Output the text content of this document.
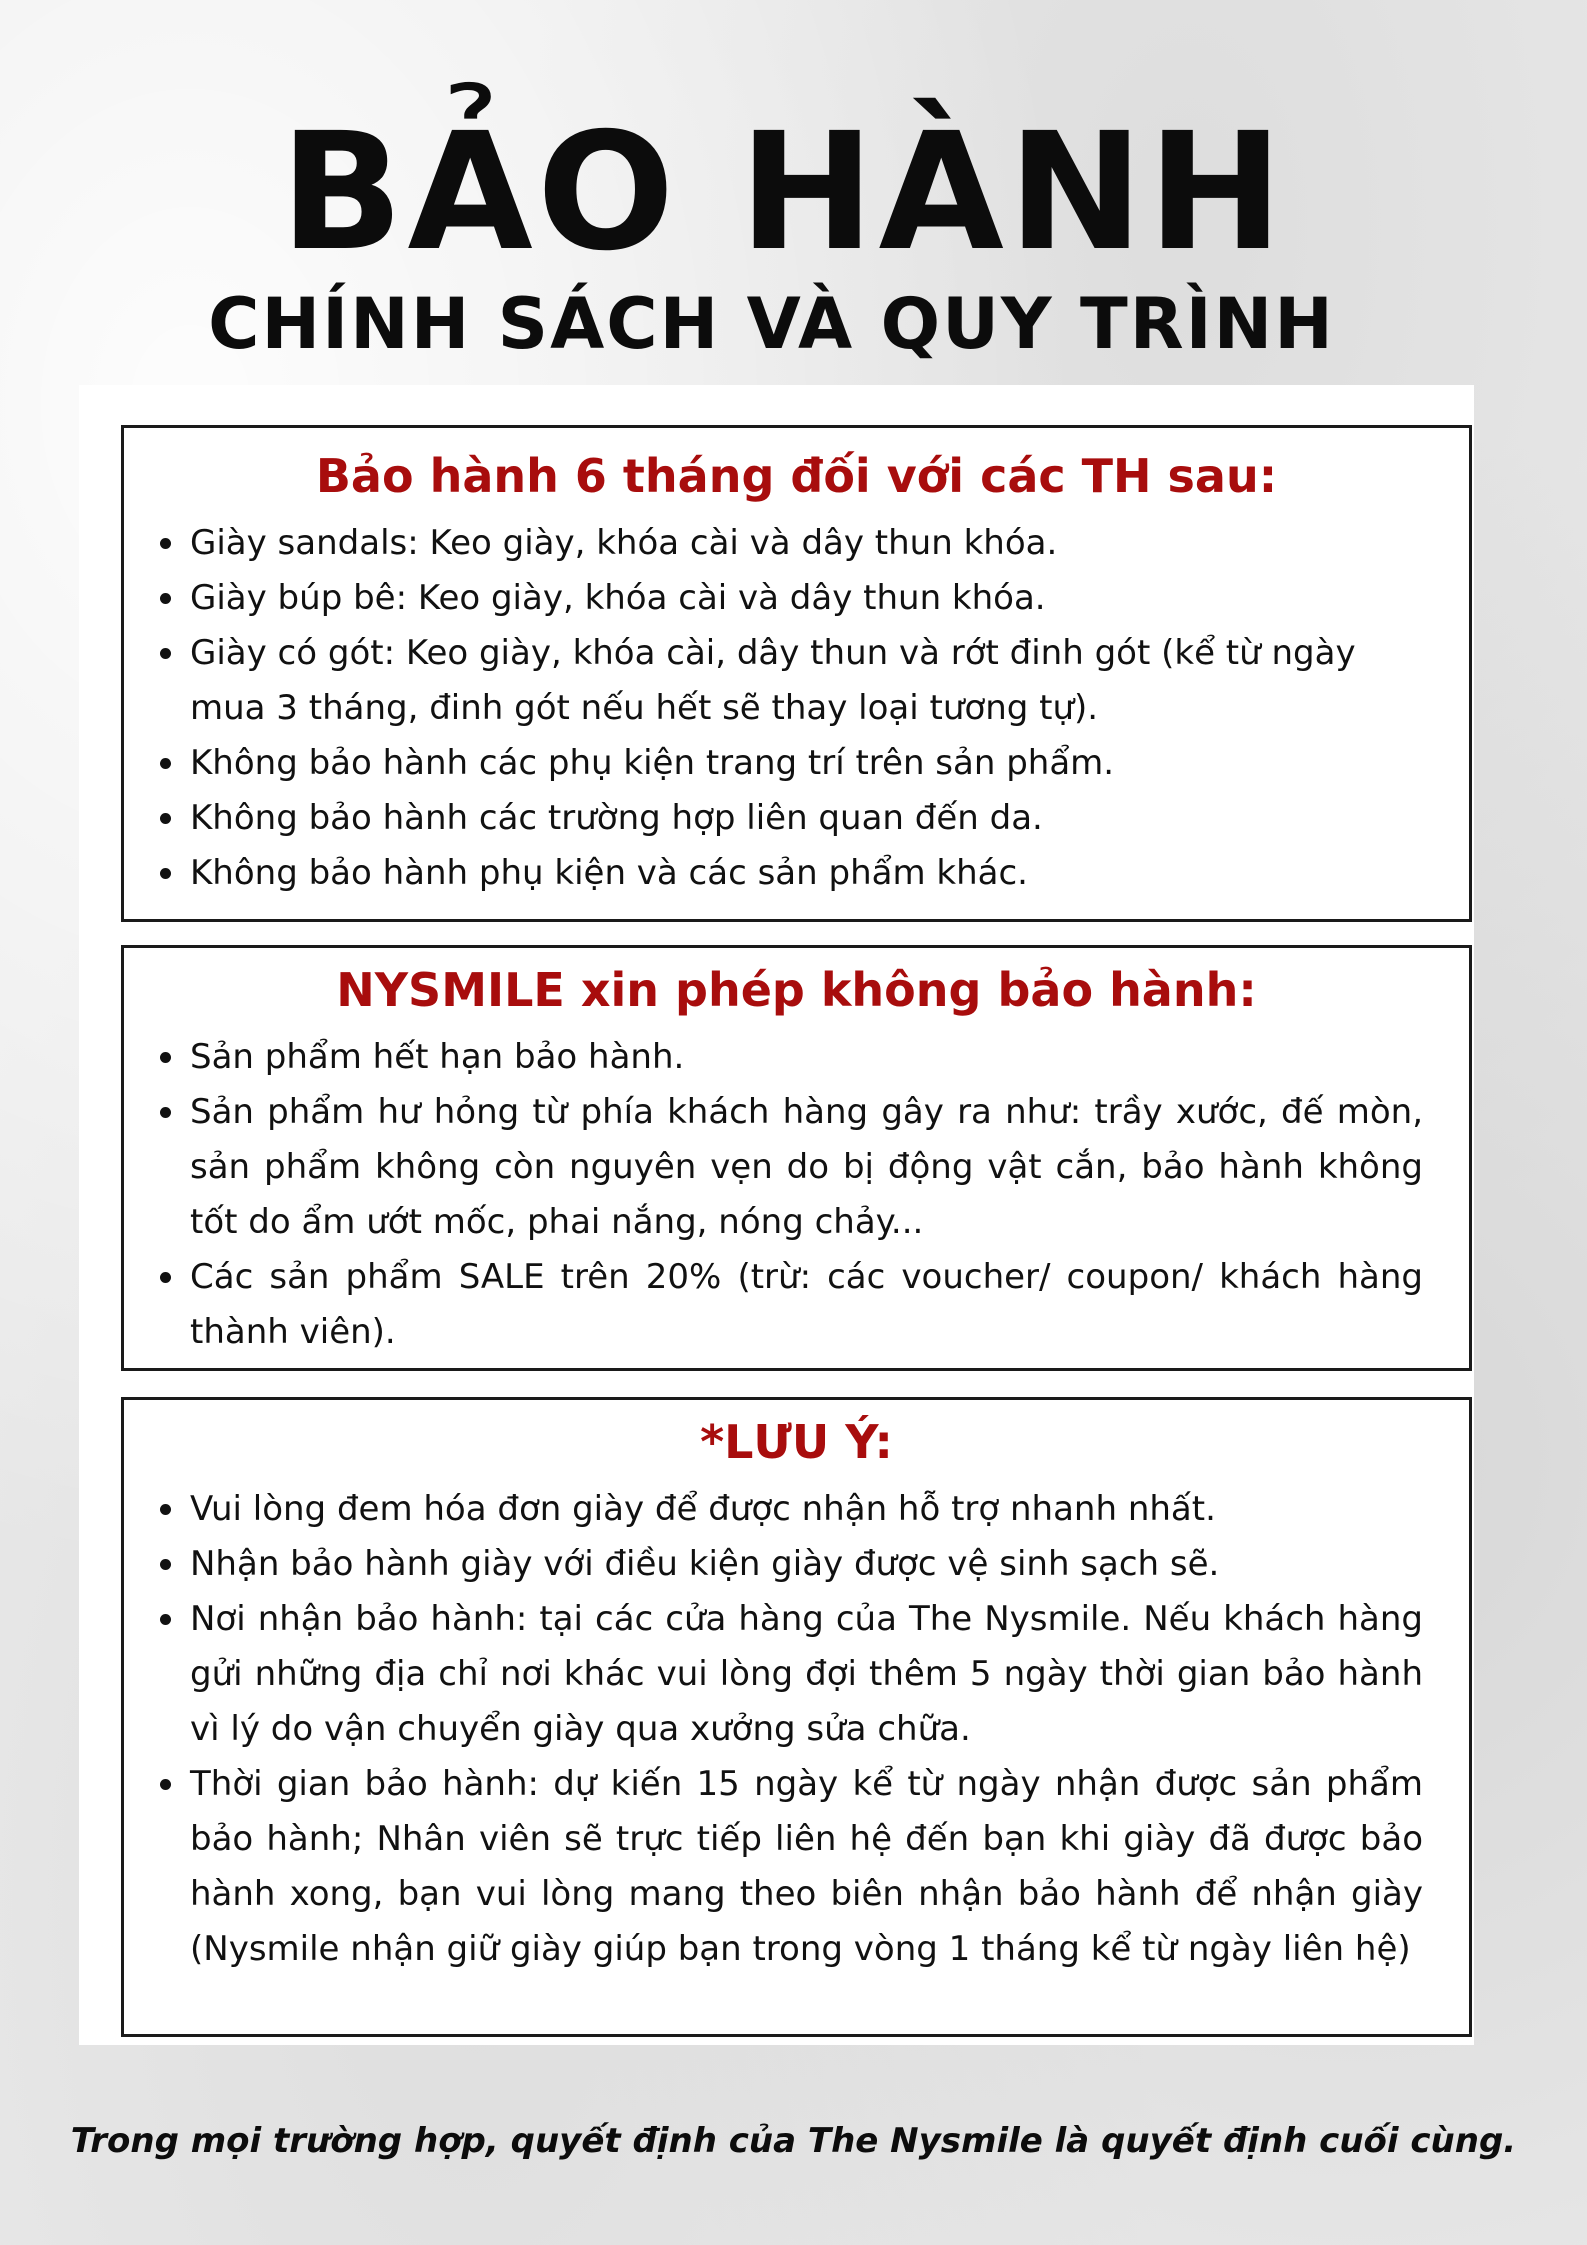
BẢO HÀNH
CHÍNH SÁCH VÀ QUY TRÌNH
Bảo hành 6 tháng đối với các TH sau:
Giày sandals: Keo giày, khóa cài và dây thun khóa.
Giày búp bê: Keo giày, khóa cài và dây thun khóa.
Giày có gót: Keo giày, khóa cài, dây thun và rớt đinh gót (kể từ ngày mua 3 tháng, đinh gót nếu hết sẽ thay loại tương tự).
Không bảo hành các phụ kiện trang trí trên sản phẩm.
Không bảo hành các trường hợp liên quan đến da.
Không bảo hành phụ kiện và các sản phẩm khác.
NYSMILE xin phép không bảo hành:
Sản phẩm hết hạn bảo hành.
Sản phẩm hư hỏng từ phía khách hàng gây ra như: trầy xước, đế mòn, sản phẩm không còn nguyên vẹn do bị động vật cắn, bảo hành không tốt do ẩm ướt mốc, phai nắng, nóng chảy...
Các sản phẩm SALE trên 20% (trừ: các voucher/ coupon/ khách hàng thành viên).
*LƯU Ý:
Vui lòng đem hóa đơn giày để được nhận hỗ trợ nhanh nhất.
Nhận bảo hành giày với điều kiện giày được vệ sinh sạch sẽ.
Nơi nhận bảo hành: tại các cửa hàng của The Nysmile. Nếu khách hàng gửi những địa chỉ nơi khác vui lòng đợi thêm 5 ngày thời gian bảo hành vì lý do vận chuyển giày qua xưởng sửa chữa.
Thời gian bảo hành: dự kiến 15 ngày kể từ ngày nhận được sản phẩm bảo hành; Nhân viên sẽ trực tiếp liên hệ đến bạn khi giày đã được bảo hành xong, bạn vui lòng mang theo biên nhận bảo hành để nhận giày (Nysmile nhận giữ giày giúp bạn trong vòng 1 tháng kể từ ngày liên hệ)
Trong mọi trường hợp, quyết định của The Nysmile là quyết định cuối cùng.
